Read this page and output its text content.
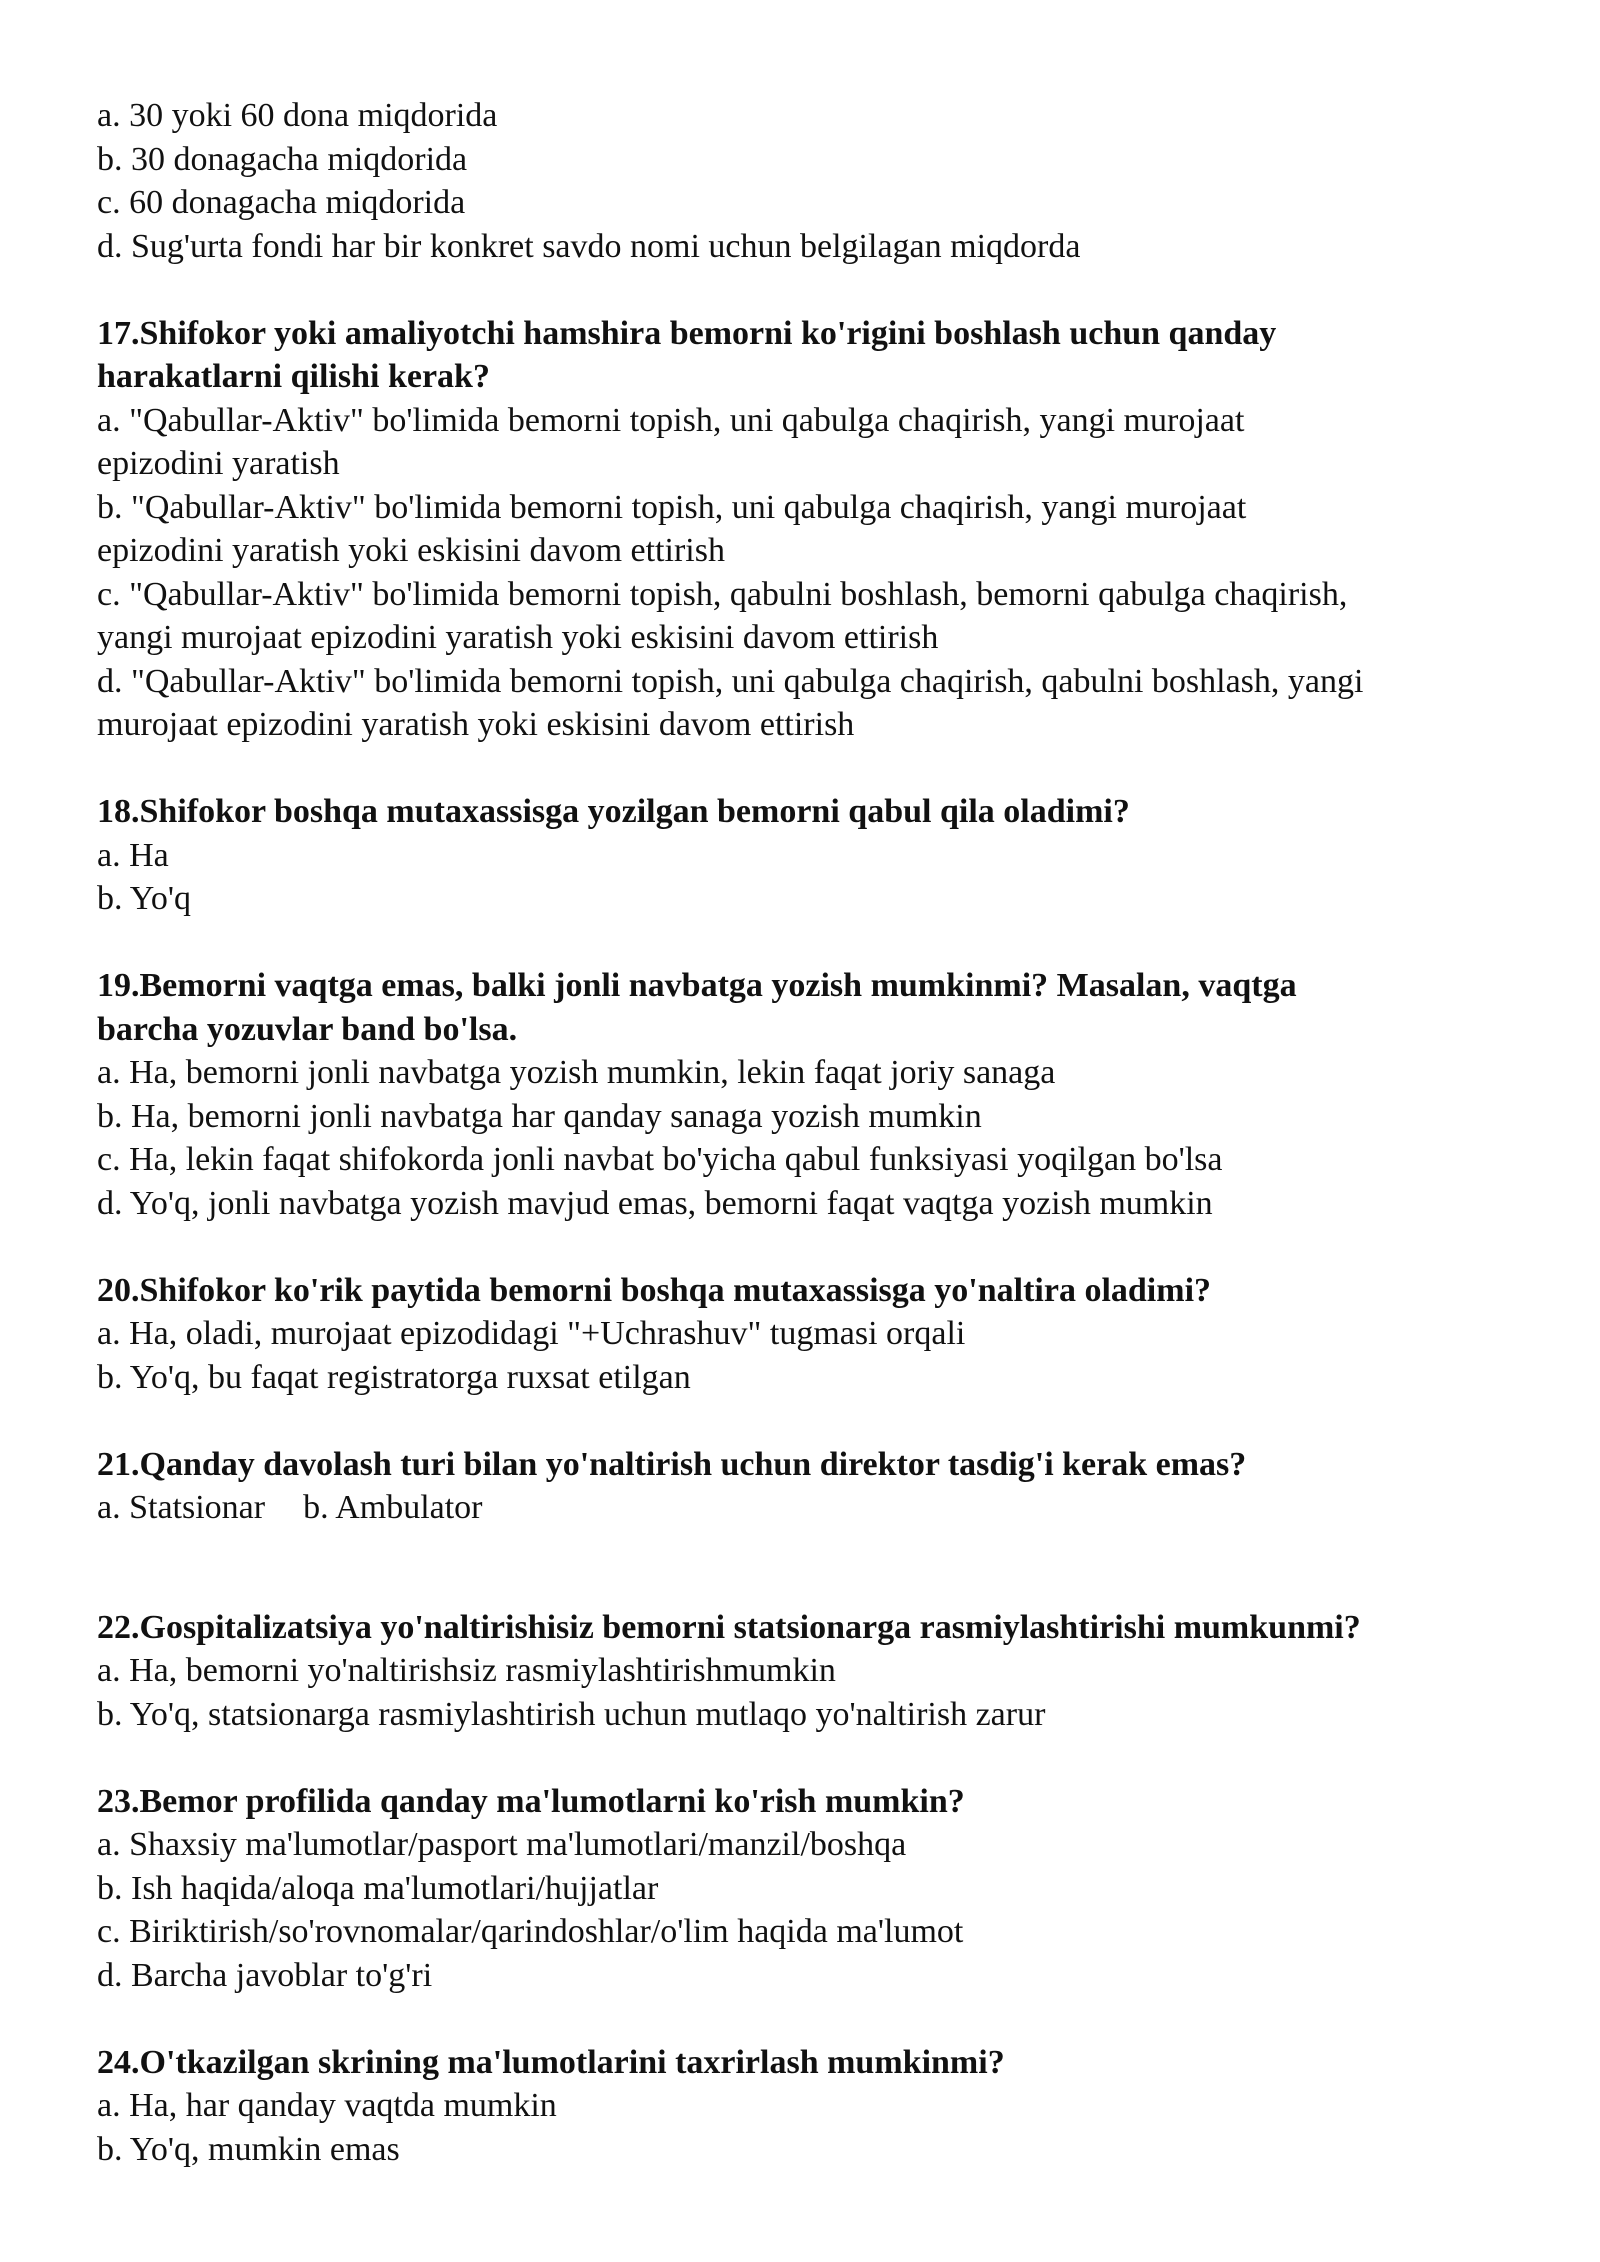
a. 30 yoki 60 dona miqdorida
b. 30 donagacha miqdorida
c. 60 donagacha miqdorida
d. Sug'urta fondi har bir konkret savdo nomi uchun belgilagan miqdorda
17.Shifokor yoki amaliyotchi hamshira bemorni ko'rigini boshlash uchun qanday
harakatlarni qilishi kerak?
a. "Qabullar-Aktiv" bo'limida bemorni topish, uni qabulga chaqirish, yangi murojaat
epizodini yaratish
b. "Qabullar-Aktiv" bo'limida bemorni topish, uni qabulga chaqirish, yangi murojaat
epizodini yaratish yoki eskisini davom ettirish
c. "Qabullar-Aktiv" bo'limida bemorni topish, qabulni boshlash, bemorni qabulga chaqirish,
yangi murojaat epizodini yaratish yoki eskisini davom ettirish
d. "Qabullar-Aktiv" bo'limida bemorni topish, uni qabulga chaqirish, qabulni boshlash, yangi
murojaat epizodini yaratish yoki eskisini davom ettirish
18.Shifokor boshqa mutaxassisga yozilgan bemorni qabul qila oladimi?
a. Ha
b. Yo'q
19.Bemorni vaqtga emas, balki jonli navbatga yozish mumkinmi? Masalan, vaqtga
barcha yozuvlar band bo'lsa.
a. Ha, bemorni jonli navbatga yozish mumkin, lekin faqat joriy sanaga
b. Ha, bemorni jonli navbatga har qanday sanaga yozish mumkin
c. Ha, lekin faqat shifokorda jonli navbat bo'yicha qabul funksiyasi yoqilgan bo'lsa
d. Yo'q, jonli navbatga yozish mavjud emas, bemorni faqat vaqtga yozish mumkin
20.Shifokor ko'rik paytida bemorni boshqa mutaxassisga yo'naltira oladimi?
a. Ha, oladi, murojaat epizodidagi "+Uchrashuv" tugmasi orqali
b. Yo'q, bu faqat registratorga ruxsat etilgan
21.Qanday davolash turi bilan yo'naltirish uchun direktor tasdig'i kerak emas?
a. Statsionar b. Ambulator
22.Gospitalizatsiya yo'naltirishisiz bemorni statsionarga rasmiylashtirishi mumkunmi?
a. Ha, bemorni yo'naltirishsiz rasmiylashtirishmumkin
b. Yo'q, statsionarga rasmiylashtirish uchun mutlaqo yo'naltirish zarur
23.Bemor profilida qanday ma'lumotlarni ko'rish mumkin?
a. Shaxsiy ma'lumotlar/pasport ma'lumotlari/manzil/boshqa
b. Ish haqida/aloqa ma'lumotlari/hujjatlar
c. Biriktirish/so'rovnomalar/qarindoshlar/o'lim haqida ma'lumot
d. Barcha javoblar to'g'ri
24.O'tkazilgan skrining ma'lumotlarini taxrirlash mumkinmi?
a. Ha, har qanday vaqtda mumkin
b. Yo'q, mumkin emas
